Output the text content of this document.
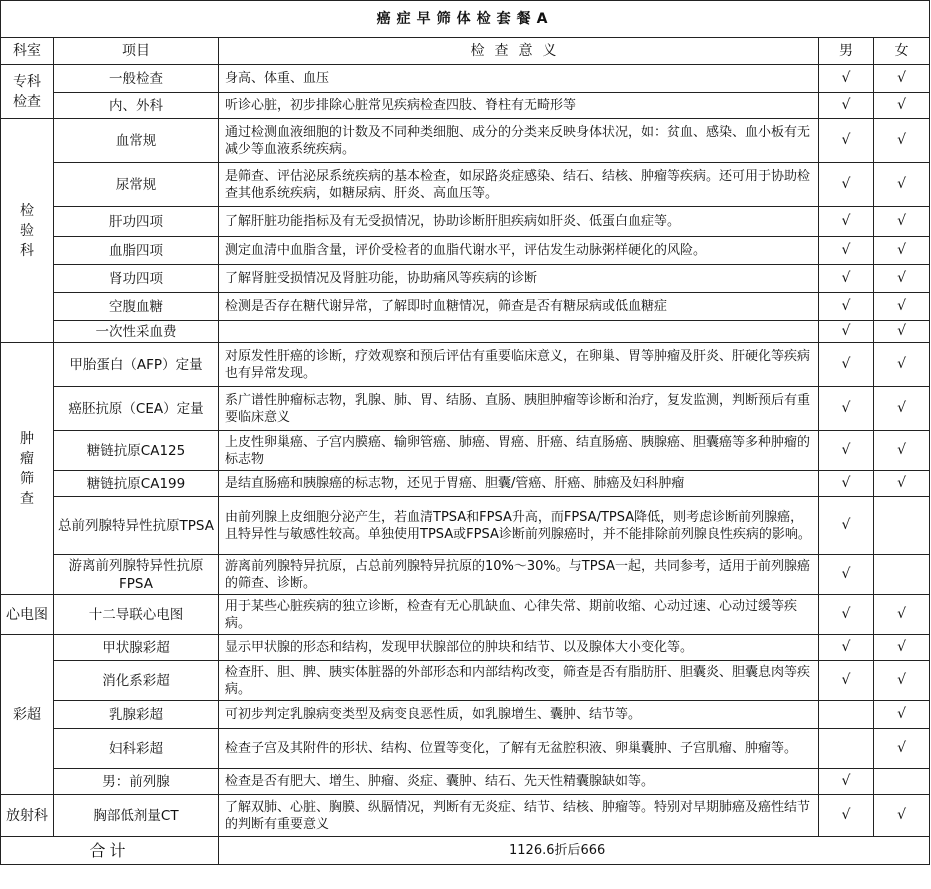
癌症早筛体检套餐A				
科室	项目	检查意义	男	女
专科
检查	一般检查	身高、体重、血压	√	√
	内、外科	听诊心脏，初步排除心脏常见疾病检查四肢、脊柱有无畸形等	√	√
检
验
科	血常规	通过检测血液细胞的计数及不同种类细胞、成分的分类来反映身体状况，如：贫血、感染、血小板有无减少等血液系统疾病。	√	√
	尿常规	是筛查、评估泌尿系统疾病的基本检查，如尿路炎症感染、结石、结核、肿瘤等疾病。还可用于协助检查其他系统疾病，如糖尿病、肝炎、高血压等。	√	√
	肝功四项	了解肝脏功能指标及有无受损情况，协助诊断肝胆疾病如肝炎、低蛋白血症等。	√	√
	血脂四项	测定血清中血脂含量，评价受检者的血脂代谢水平，评估发生动脉粥样硬化的风险。	√	√
	肾功四项	了解肾脏受损情况及肾脏功能，协助痛风等疾病的诊断	√	√
	空腹血糖	检测是否存在糖代谢异常，了解即时血糖情况，筛查是否有糖尿病或低血糖症	√	√
	一次性采血费		√	√
肿
瘤
筛
查	甲胎蛋白（AFP）定量	对原发性肝癌的诊断，疗效观察和预后评估有重要临床意义，在卵巢、胃等肿瘤及肝炎、肝硬化等疾病也有异常发现。	√	√
	癌胚抗原（CEA）定量	系广谱性肿瘤标志物，乳腺、肺、胃、结肠、直肠、胰胆肿瘤等诊断和治疗，复发监测，判断预后有重要临床意义	√	√
	糖链抗原CA125	上皮性卵巢癌、子宫内膜癌、输卵管癌、肺癌、胃癌、肝癌、结直肠癌、胰腺癌、胆囊癌等多种肿瘤的标志物	√	√
	糖链抗原CA199	是结直肠癌和胰腺癌的标志物，还见于胃癌、胆囊/管癌、肝癌、肺癌及妇科肿瘤	√	√
	总前列腺特异性抗原TPSA	由前列腺上皮细胞分泌产生，若血清TPSA和FPSA升高，而FPSA/TPSA降低，则考虑诊断前列腺癌，且特异性与敏感性较高。单独使用TPSA或FPSA诊断前列腺癌时，并不能排除前列腺良性疾病的影响。	√	
	游离前列腺特异性抗原FPSA	游离前列腺特异抗原，占总前列腺特异抗原的10%～30%。与TPSA一起，共同参考，适用于前列腺癌的筛查、诊断。	√	
心电图	十二导联心电图	用于某些心脏疾病的独立诊断，检查有无心肌缺血、心律失常、期前收缩、心动过速、心动过缓等疾病。	√	√
彩超	甲状腺彩超	显示甲状腺的形态和结构，发现甲状腺部位的肿块和结节、以及腺体大小变化等。	√	√
	消化系彩超	检查肝、胆、脾、胰实体脏器的外部形态和内部结构改变，筛查是否有脂肪肝、胆囊炎、胆囊息肉等疾病。	√	√
	乳腺彩超	可初步判定乳腺病变类型及病变良恶性质，如乳腺增生、囊肿、结节等。		√
	妇科彩超	检查子宫及其附件的形状、结构、位置等变化，了解有无盆腔积液、卵巢囊肿、子宫肌瘤、肿瘤等。		√
	男：前列腺	检查是否有肥大、增生、肿瘤、炎症、囊肿、结石、先天性精囊腺缺如等。	√	
放射科	胸部低剂量CT	了解双肺、心脏、胸膜、纵膈情况，判断有无炎症、结节、结核、肿瘤等。特别对早期肺癌及癌性结节的判断有重要意义	√	√
合计		1126.6折后666		
